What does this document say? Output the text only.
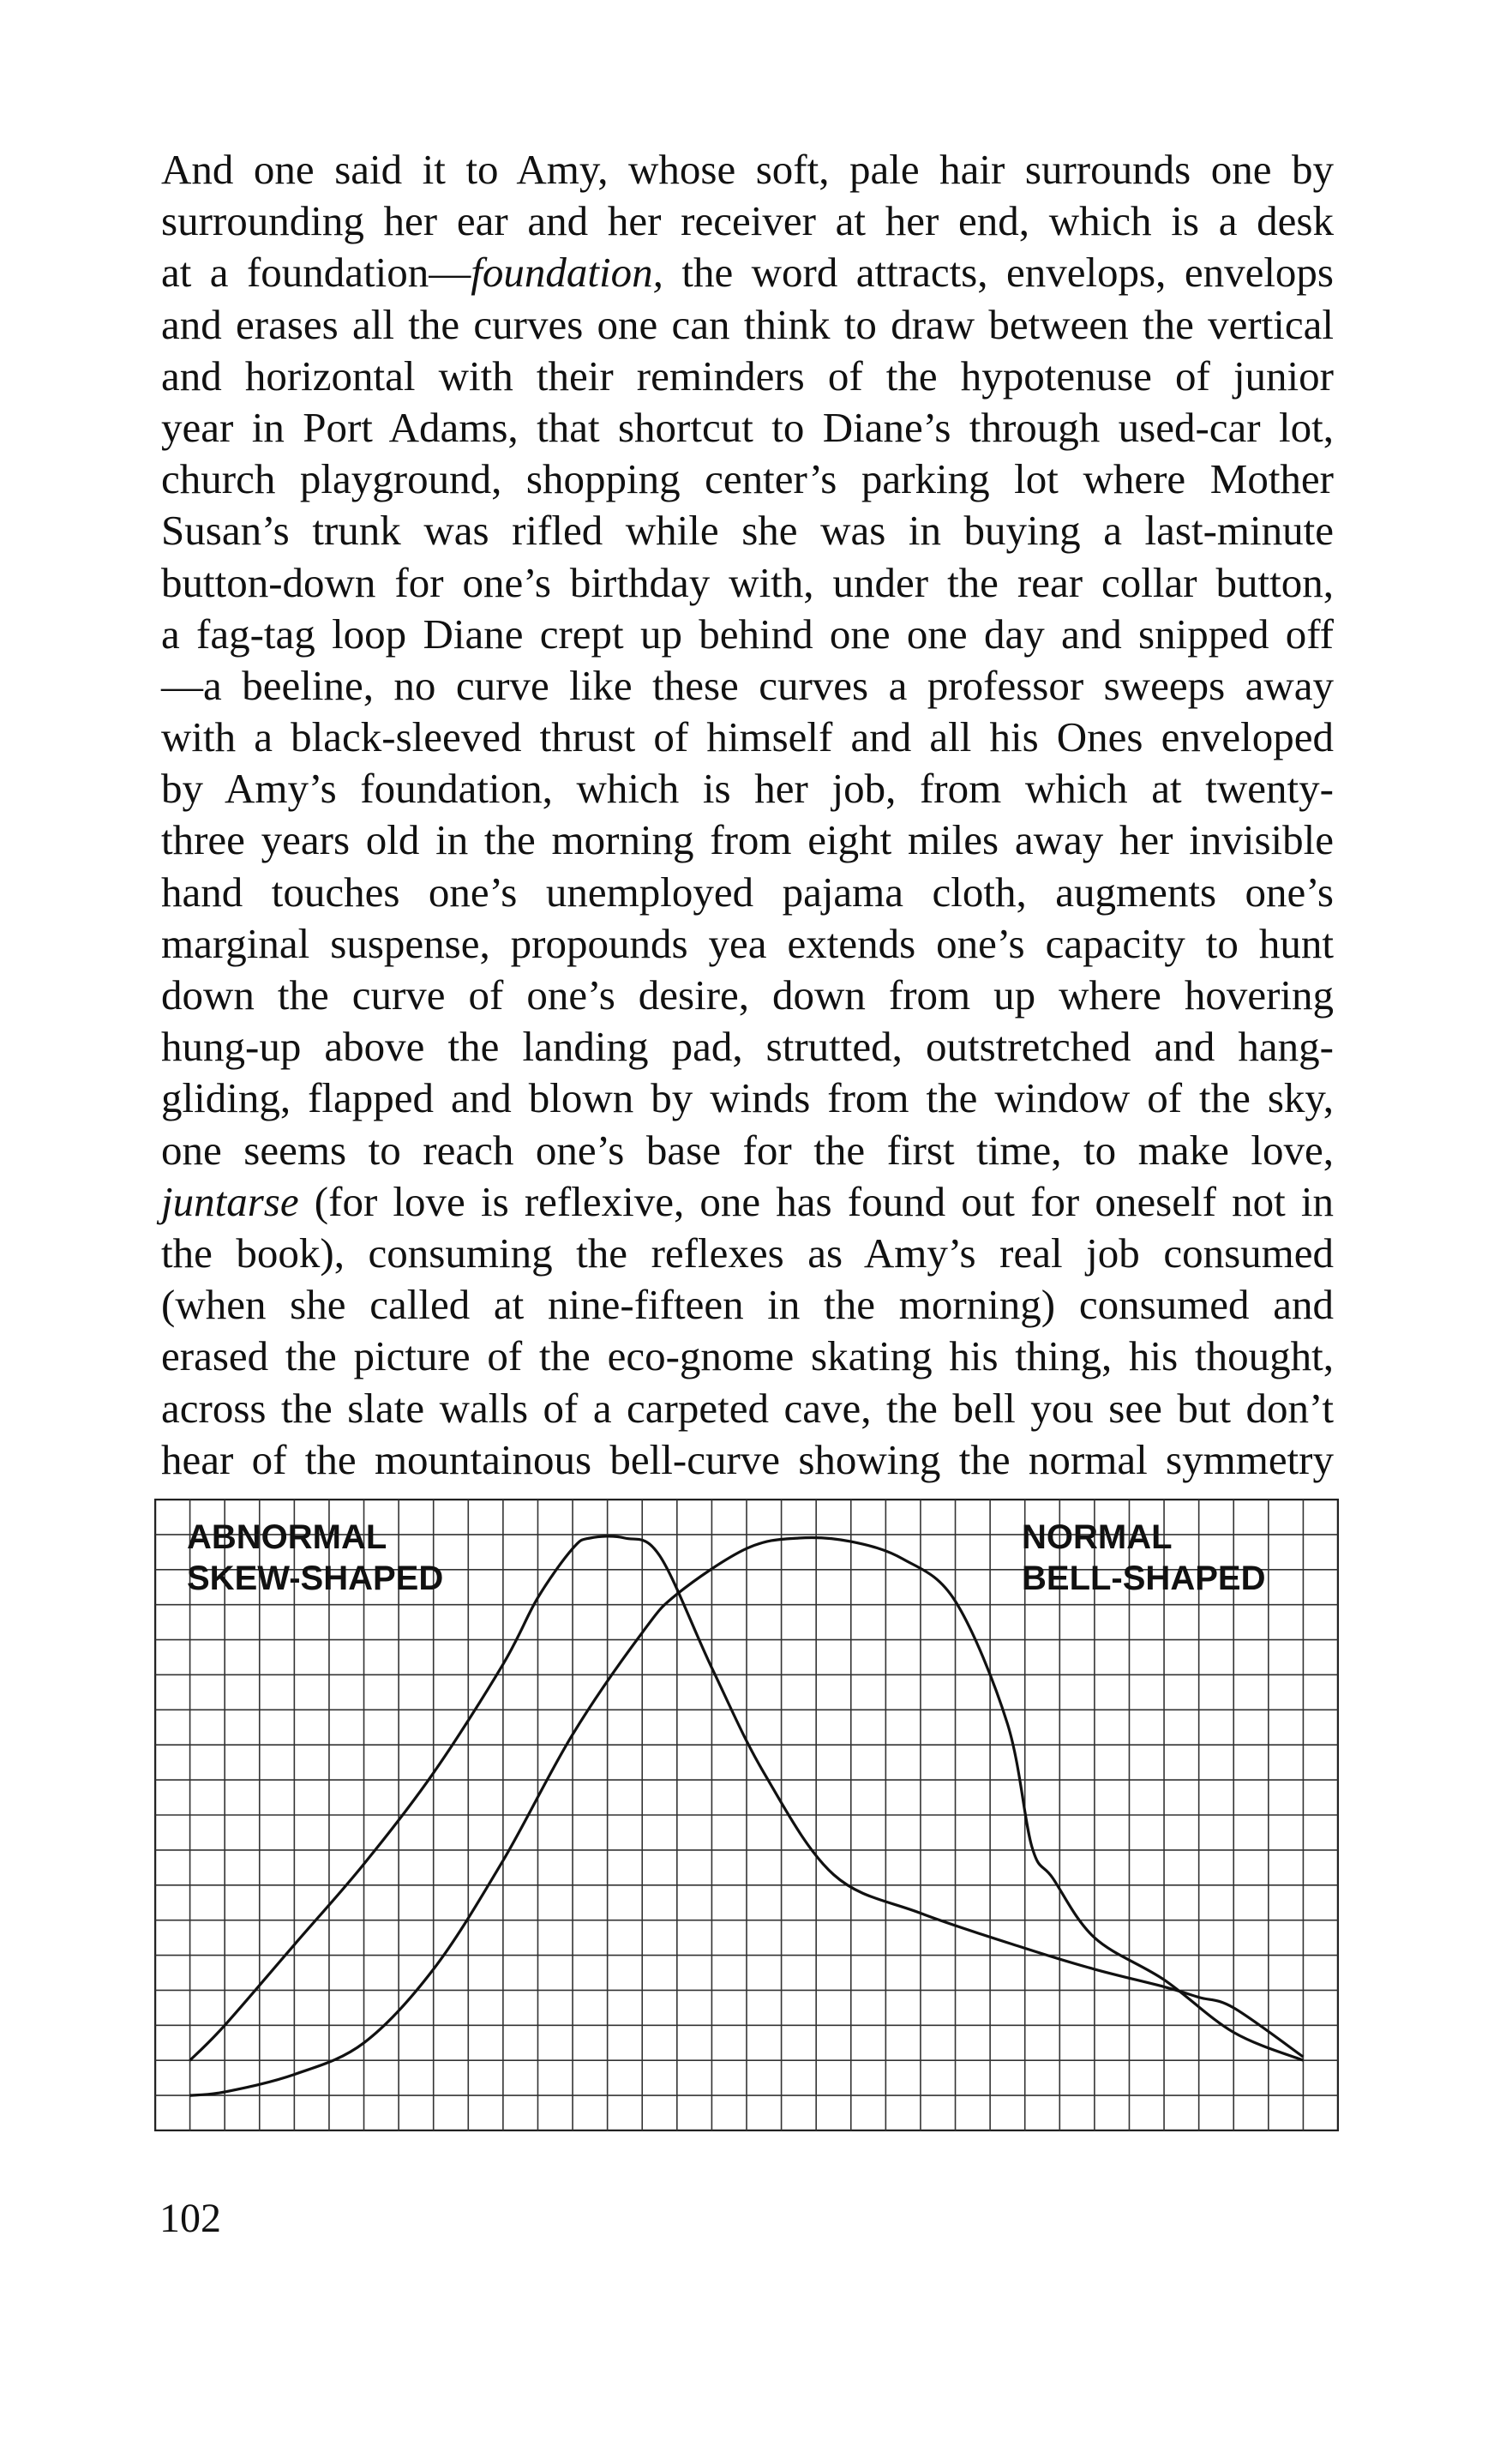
And one said it to Amy, whose soft, pale hair surrounds one by
surrounding her ear and her receiver at her end, which is a desk
at a foundation—foundation, the word attracts, envelops, envelops
and erases all the curves one can think to draw between the vertical
and horizontal with their reminders of the hypotenuse of junior
year in Port Adams, that shortcut to Diane’s through used-car lot,
church playground, shopping center’s parking lot where Mother
Susan’s trunk was rifled while she was in buying a last-minute
button-down for one’s birthday with, under the rear collar button,
a fag-tag loop Diane crept up behind one one day and snipped off
—a beeline, no curve like these curves a professor sweeps away
with a black-sleeved thrust of himself and all his Ones enveloped
by Amy’s foundation, which is her job, from which at twenty-
three years old in the morning from eight miles away her invisible
hand touches one’s unemployed pajama cloth, augments one’s
marginal suspense, propounds yea extends one’s capacity to hunt
down the curve of one’s desire, down from up where hovering
hung-up above the landing pad, strutted, outstretched and hang-
gliding, flapped and blown by winds from the window of the sky,
one seems to reach one’s base for the first time, to make love,
juntarse (for love is reflexive, one has found out for oneself not in
the book), consuming the reflexes as Amy’s real job consumed
(when she called at nine-fifteen in the morning) consumed and
erased the picture of the eco-gnome skating his thing, his thought,
across the slate walls of a carpeted cave, the bell you see but don’t
hear of the mountainous bell-curve showing the normal symmetry
ABNORMAL
SKEW-SHAPED
NORMAL
BELL-SHAPED
102
